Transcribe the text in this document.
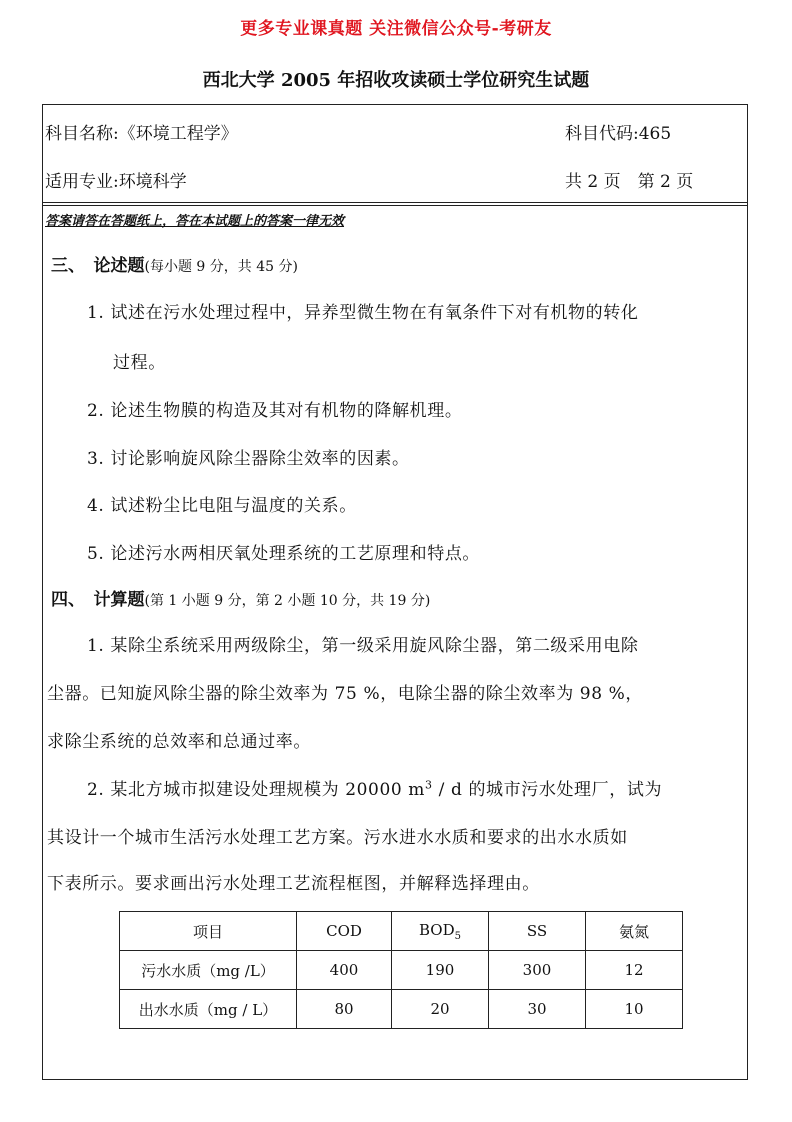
更多专业课真题 关注微信公众号-考研友
西北大学 2005 年招收攻读硕士学位研究生试题
科目名称:《环境工程学》	科目代码:465
适用专业:环境科学	共 2 页　第 2 页
答案请答在答题纸上，答在本试题上的答案一律无效
三、　论述题(每小题 9 分，共 45 分)
1. 试述在污水处理过程中，异养型微生物在有氧条件下对有机物的转化
过程。
2. 论述生物膜的构造及其对有机物的降解机理。
3. 讨论影响旋风除尘器除尘效率的因素。
4. 试述粉尘比电阻与温度的关系。
5. 论述污水两相厌氧处理系统的工艺原理和特点。
四、　计算题(第 1 小题 9 分，第 2 小题 10 分，共 19 分)
1. 某除尘系统采用两级除尘，第一级采用旋风除尘器，第二级采用电除
尘器。已知旋风除尘器的除尘效率为 75 %，电除尘器的除尘效率为 98 %，
求除尘系统的总效率和总通过率。
2. 某北方城市拟建设处理规模为 20000 $m^3$ / d 的城市污水处理厂，试为
其设计一个城市生活污水处理工艺方案。污水进水水质和要求的出水水质如
下表所示。要求画出污水处理工艺流程框图，并解释选择理由。
项目	COD	$BOD_5$	SS	氨氮
污水水质（mg /L）	400	190	300	12
出水水质（mg / L）	80	20	30	10
